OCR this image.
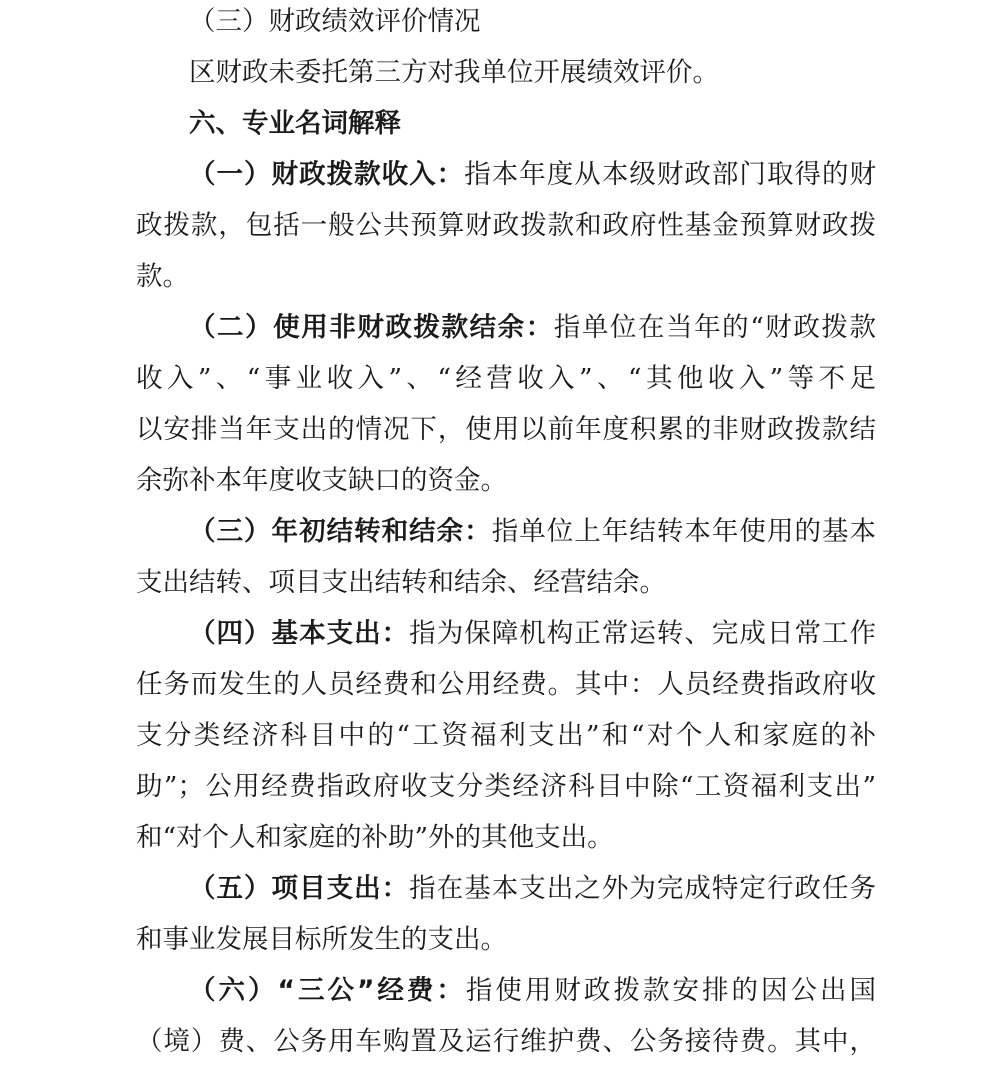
（三）财政绩效评价情况
区财政未委托第三方对我单位开展绩效评价。
六、专业名词解释
（一）财政拨款收入：指本年度从本级财政部门取得的财
政拨款，包括一般公共预算财政拨款和政府性基金预算财政拨
款。
（二）使用非财政拨款结余：指单位在当年的“财政拨款
收入”、“事业收入”、“经营收入”、“其他收入”等不足
以安排当年支出的情况下，使用以前年度积累的非财政拨款结
余弥补本年度收支缺口的资金。
（三）年初结转和结余：指单位上年结转本年使用的基本
支出结转、项目支出结转和结余、经营结余。
（四）基本支出：指为保障机构正常运转、完成日常工作
任务而发生的人员经费和公用经费。其中：人员经费指政府收
支分类经济科目中的“工资福利支出”和“对个人和家庭的补
助”；公用经费指政府收支分类经济科目中除“工资福利支出”
和“对个人和家庭的补助”外的其他支出。
（五）项目支出：指在基本支出之外为完成特定行政任务
和事业发展目标所发生的支出。
（六）“三公”经费：指使用财政拨款安排的因公出国
（境）费、公务用车购置及运行维护费、公务接待费。其中，
